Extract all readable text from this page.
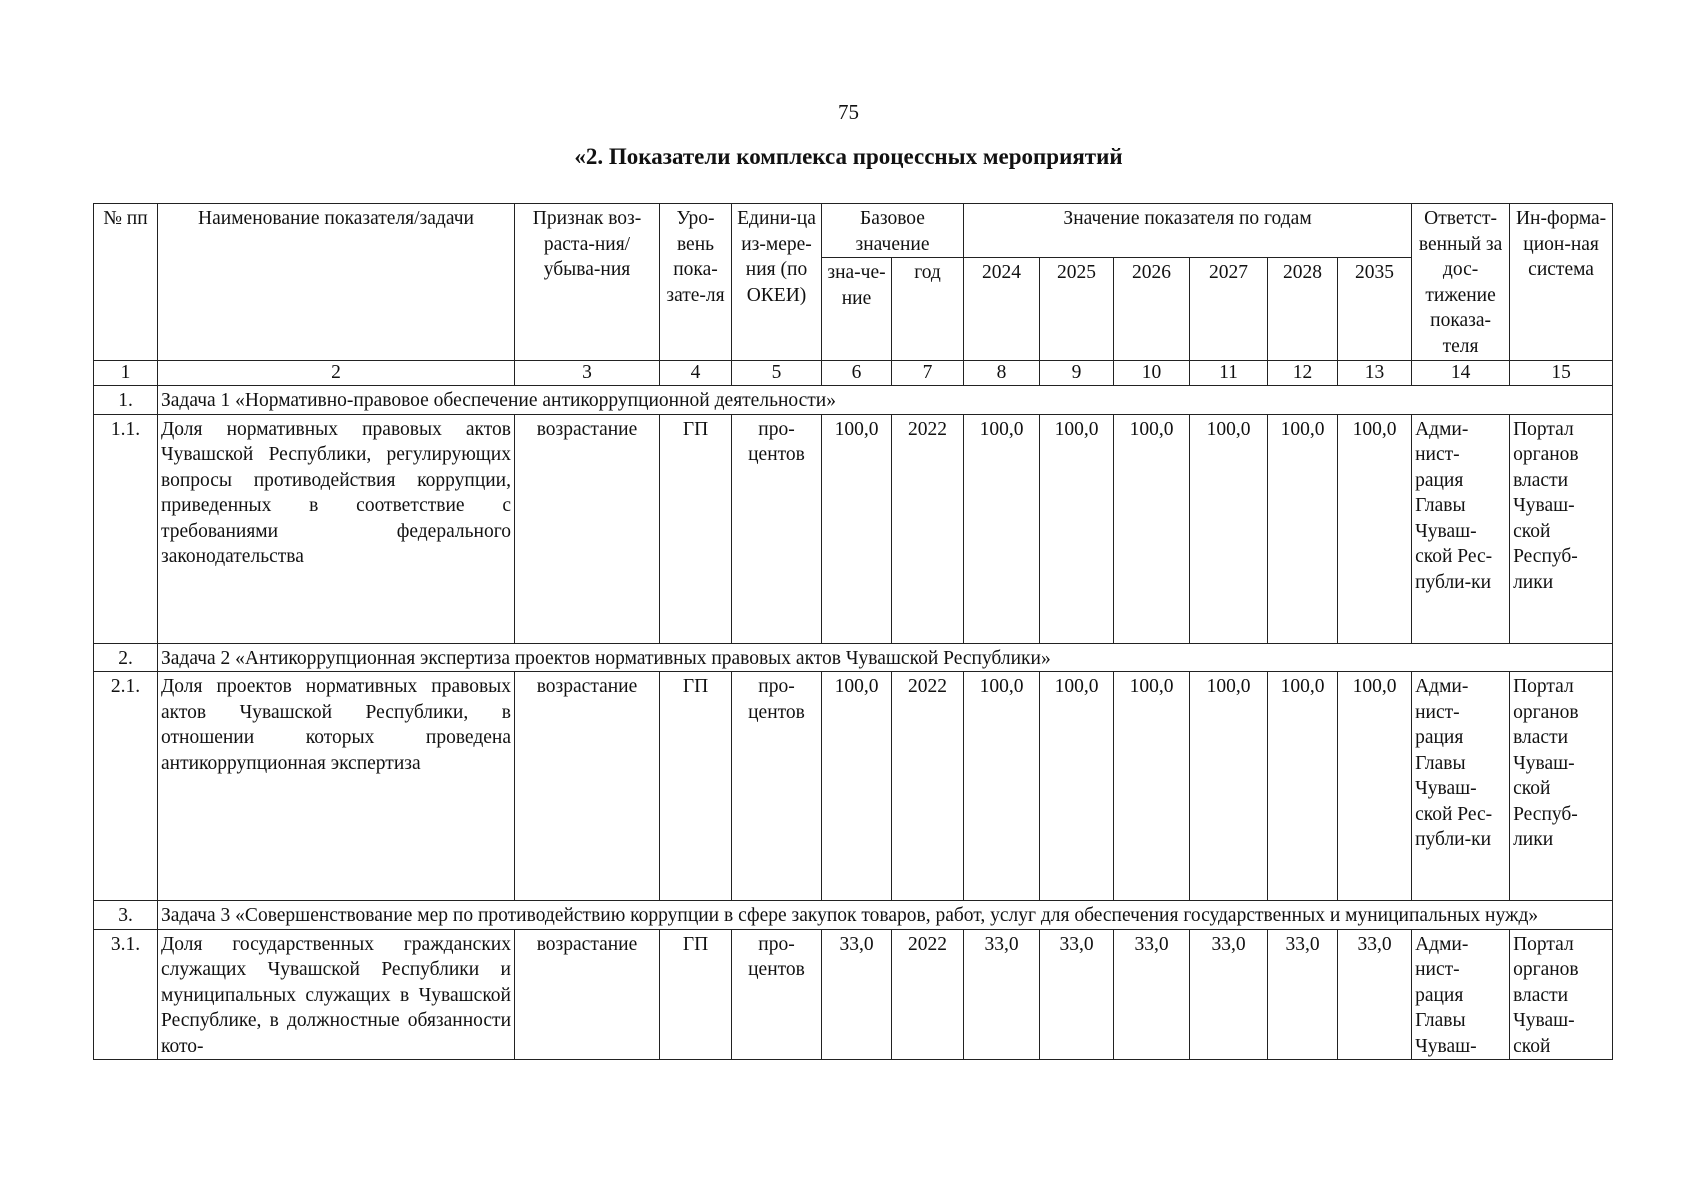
75
«2. Показатели комплекса процессных мероприятий
№ пп	Наименование показателя/задачи	Признак воз-раста-ния/убыва-ния	Уро-вень пока-зате-ля	Едини-ца из-мере-ния (по ОКЕИ)	Базовое значение		Значение показателя по годам						Ответст-венный за дос-тижение показа-теля	Ин-форма-цион-ная система
					зна-че-ние	год	2024	2025	2026	2027	2028	2035		
1	2	3	4	5	6	7	8	9	10	11	12	13	14	15
1.	Задача 1 «Нормативно-правовое обеспечение антикоррупционной деятельности»													
1.1.	Доля нормативных правовых актов Чувашской Республики, регулирующих вопросы противодействия коррупции, приведенных в соответствие с требованиями федерального законодательства	возрастание	ГП	про-центов	100,0	2022	100,0	100,0	100,0	100,0	100,0	100,0	Адми-нист-рация Главы Чуваш-ской Рес-публи-ки	Портал органов власти Чуваш-ской Респуб-лики
2.	Задача 2 «Антикоррупционная экспертиза проектов нормативных правовых актов Чувашской Республики»													
2.1.	Доля проектов нормативных правовых актов Чувашской Республики, в отношении которых проведена антикоррупционная экспертиза	возрастание	ГП	про-центов	100,0	2022	100,0	100,0	100,0	100,0	100,0	100,0	Адми-нист-рация Главы Чуваш-ской Рес-публи-ки	Портал органов власти Чуваш-ской Респуб-лики
3.	Задача 3 «Совершенствование мер по противодействию коррупции в сфере закупок товаров, работ, услуг для обеспечения государственных и муниципальных нужд»													
3.1.	Доля государственных гражданских служащих Чувашской Республики и муниципальных служащих в Чувашской Республике, в должностные обязанности кото-	возрастание	ГП	про-центов	33,0	2022	33,0	33,0	33,0	33,0	33,0	33,0	Адми-нист-рация Главы Чуваш-	Портал органов власти Чуваш-ской
